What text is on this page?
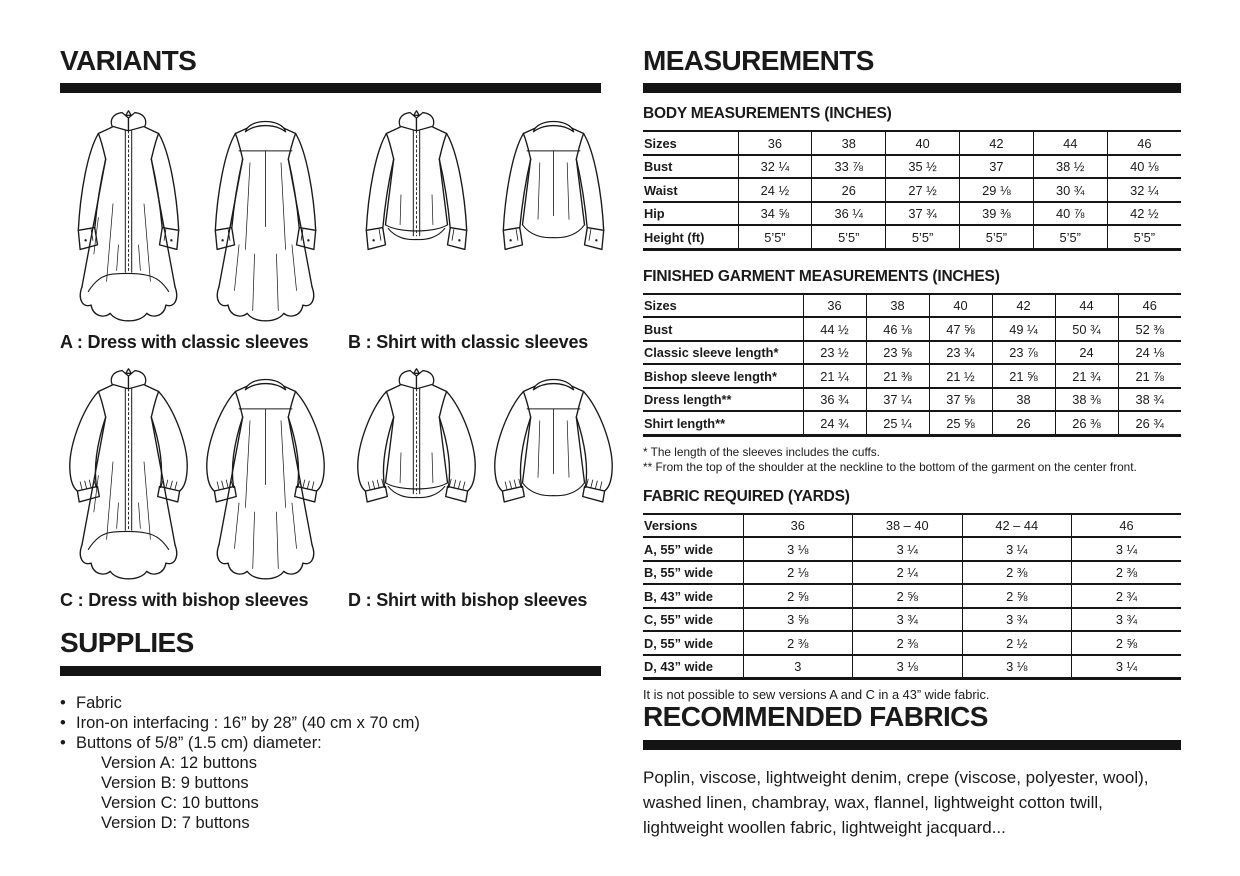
VARIANTS
A : Dress with classic sleeves	B : Shirt with classic sleeves
C : Dress with bishop sleeves	D : Shirt with bishop sleeves
SUPPLIES
• Fabric
• Iron-on interfacing : 16” by 28” (40 cm x 70 cm)
• Buttons of 5/8” (1.5 cm) diameter:
Version A: 12 buttons
Version B: 9 buttons
Version C: 10 buttons
Version D: 7 buttons
MEASUREMENTS
BODY MEASUREMENTS (INCHES)
Sizes	36	38	40	42	44	46
Bust	32 ¼	33 ⅞	35 ½	37	38 ½	40 ⅛
Waist	24 ½	26	27 ½	29 ⅛	30 ¾	32 ¼
Hip	34 ⅝	36 ¼	37 ¾	39 ⅜	40 ⅞	42 ½
Height (ft)	5’5”	5’5”	5’5”	5’5”	5’5”	5’5”
FINISHED GARMENT MEASUREMENTS (INCHES)
Sizes	36	38	40	42	44	46
Bust	44 ½	46 ⅛	47 ⅝	49 ¼	50 ¾	52 ⅜
Classic sleeve length*	23 ½	23 ⅝	23 ¾	23 ⅞	24	24 ⅛
Bishop sleeve length*	21 ¼	21 ⅜	21 ½	21 ⅝	21 ¾	21 ⅞
Dress length**	36 ¾	37 ¼	37 ⅝	38	38 ⅜	38 ¾
Shirt length**	24 ¾	25 ¼	25 ⅝	26	26 ⅜	26 ¾
* The length of the sleeves includes the cuffs.
** From the top of the shoulder at the neckline to the bottom of the garment on the center front.
FABRIC REQUIRED (YARDS)
Versions	36	38 – 40	42 – 44	46
A, 55” wide	3 ⅛	3 ¼	3 ¼	3 ¼
B, 55” wide	2 ⅛	2 ¼	2 ⅜	2 ⅜
B, 43” wide	2 ⅝	2 ⅝	2 ⅝	2 ¾
C, 55” wide	3 ⅝	3 ¾	3 ¾	3 ¾
D, 55” wide	2 ⅜	2 ⅜	2 ½	2 ⅝
D, 43” wide	3	3 ⅛	3 ⅛	3 ¼
It is not possible to sew versions A and C in a 43” wide fabric.
RECOMMENDED FABRICS
Poplin, viscose, lightweight denim, crepe (viscose, polyester, wool), washed linen, chambray, wax, flannel, lightweight cotton twill, lightweight woollen fabric, lightweight jacquard...
